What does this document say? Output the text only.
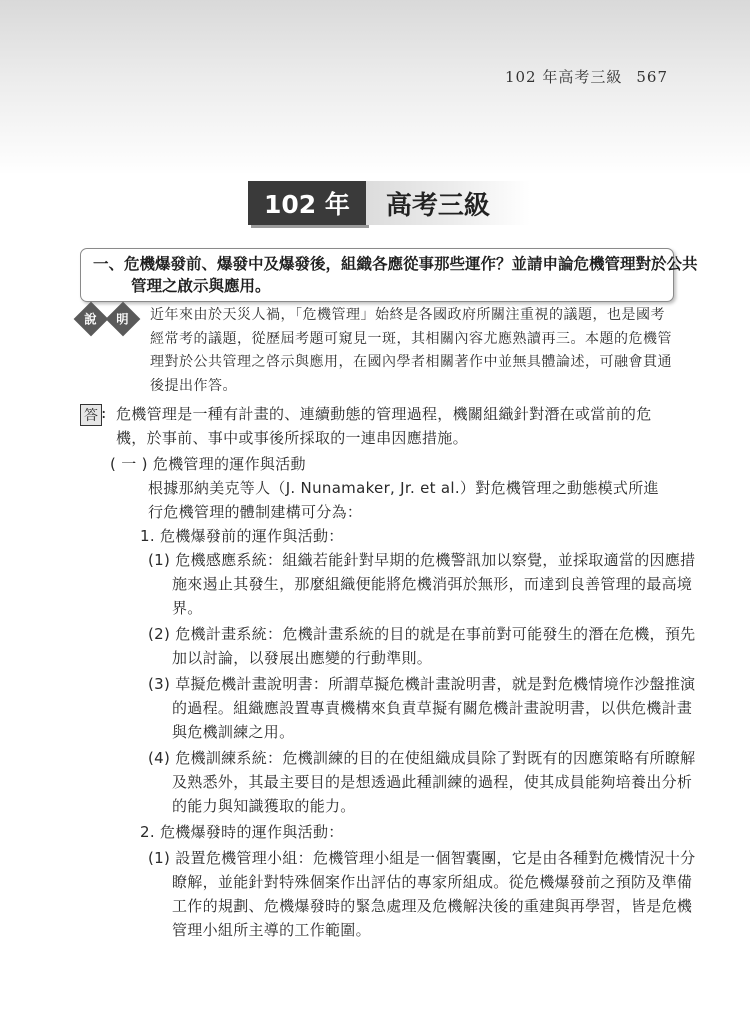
102 年高考三級 567
102 年	高考三級

一、危機爆發前、爆發中及爆發後，組織各應從事那些運作？並請申論危機管理對於公共管理之啟示與應用。

說 明 近年來由於天災人禍，「危機管理」始終是各國政府所關注重視的議題，也是國考經常考的議題，從歷屆考題可窺見一斑，其相關內容尤應熟讀再三。本題的危機管理對於公共管理之啓示與應用，在國內學者相關著作中並無具體論述，可融會貫通後提出作答。

答 : 危機管理是一種有計畫的、連續動態的管理過程，機關組織針對潛在或當前的危機，於事前、事中或事後所採取的一連串因應措施。

( 一 ) 危機管理的運作與活動

根據那納美克等人（J. Nunamaker, Jr. et al.）對危機管理之動態模式所進行危機管理的體制建構可分為：

1. 危機爆發前的運作與活動：

(1) 危機感應系統：組織若能針對早期的危機警訊加以察覺，並採取適當的因應措施來遏止其發生，那麼組織便能將危機消弭於無形，而達到良善管理的最高境界。

(2) 危機計畫系統：危機計畫系統的目的就是在事前對可能發生的潛在危機，預先加以討論，以發展出應變的行動準則。

(3) 草擬危機計畫說明書：所謂草擬危機計畫說明書，就是對危機情境作沙盤推演的過程。組織應設置專責機構來負責草擬有關危機計畫說明書，以供危機計畫與危機訓練之用。

(4) 危機訓練系統：危機訓練的目的在使組織成員除了對既有的因應策略有所瞭解及熟悉外，其最主要目的是想透過此種訓練的過程，使其成員能夠培養出分析的能力與知識獲取的能力。

2. 危機爆發時的運作與活動：

(1) 設置危機管理小組：危機管理小組是一個智囊團，它是由各種對危機情況十分瞭解，並能針對特殊個案作出評估的專家所組成。從危機爆發前之預防及準備工作的規劃、危機爆發時的緊急處理及危機解決後的重建與再學習，皆是危機管理小組所主導的工作範圍。
